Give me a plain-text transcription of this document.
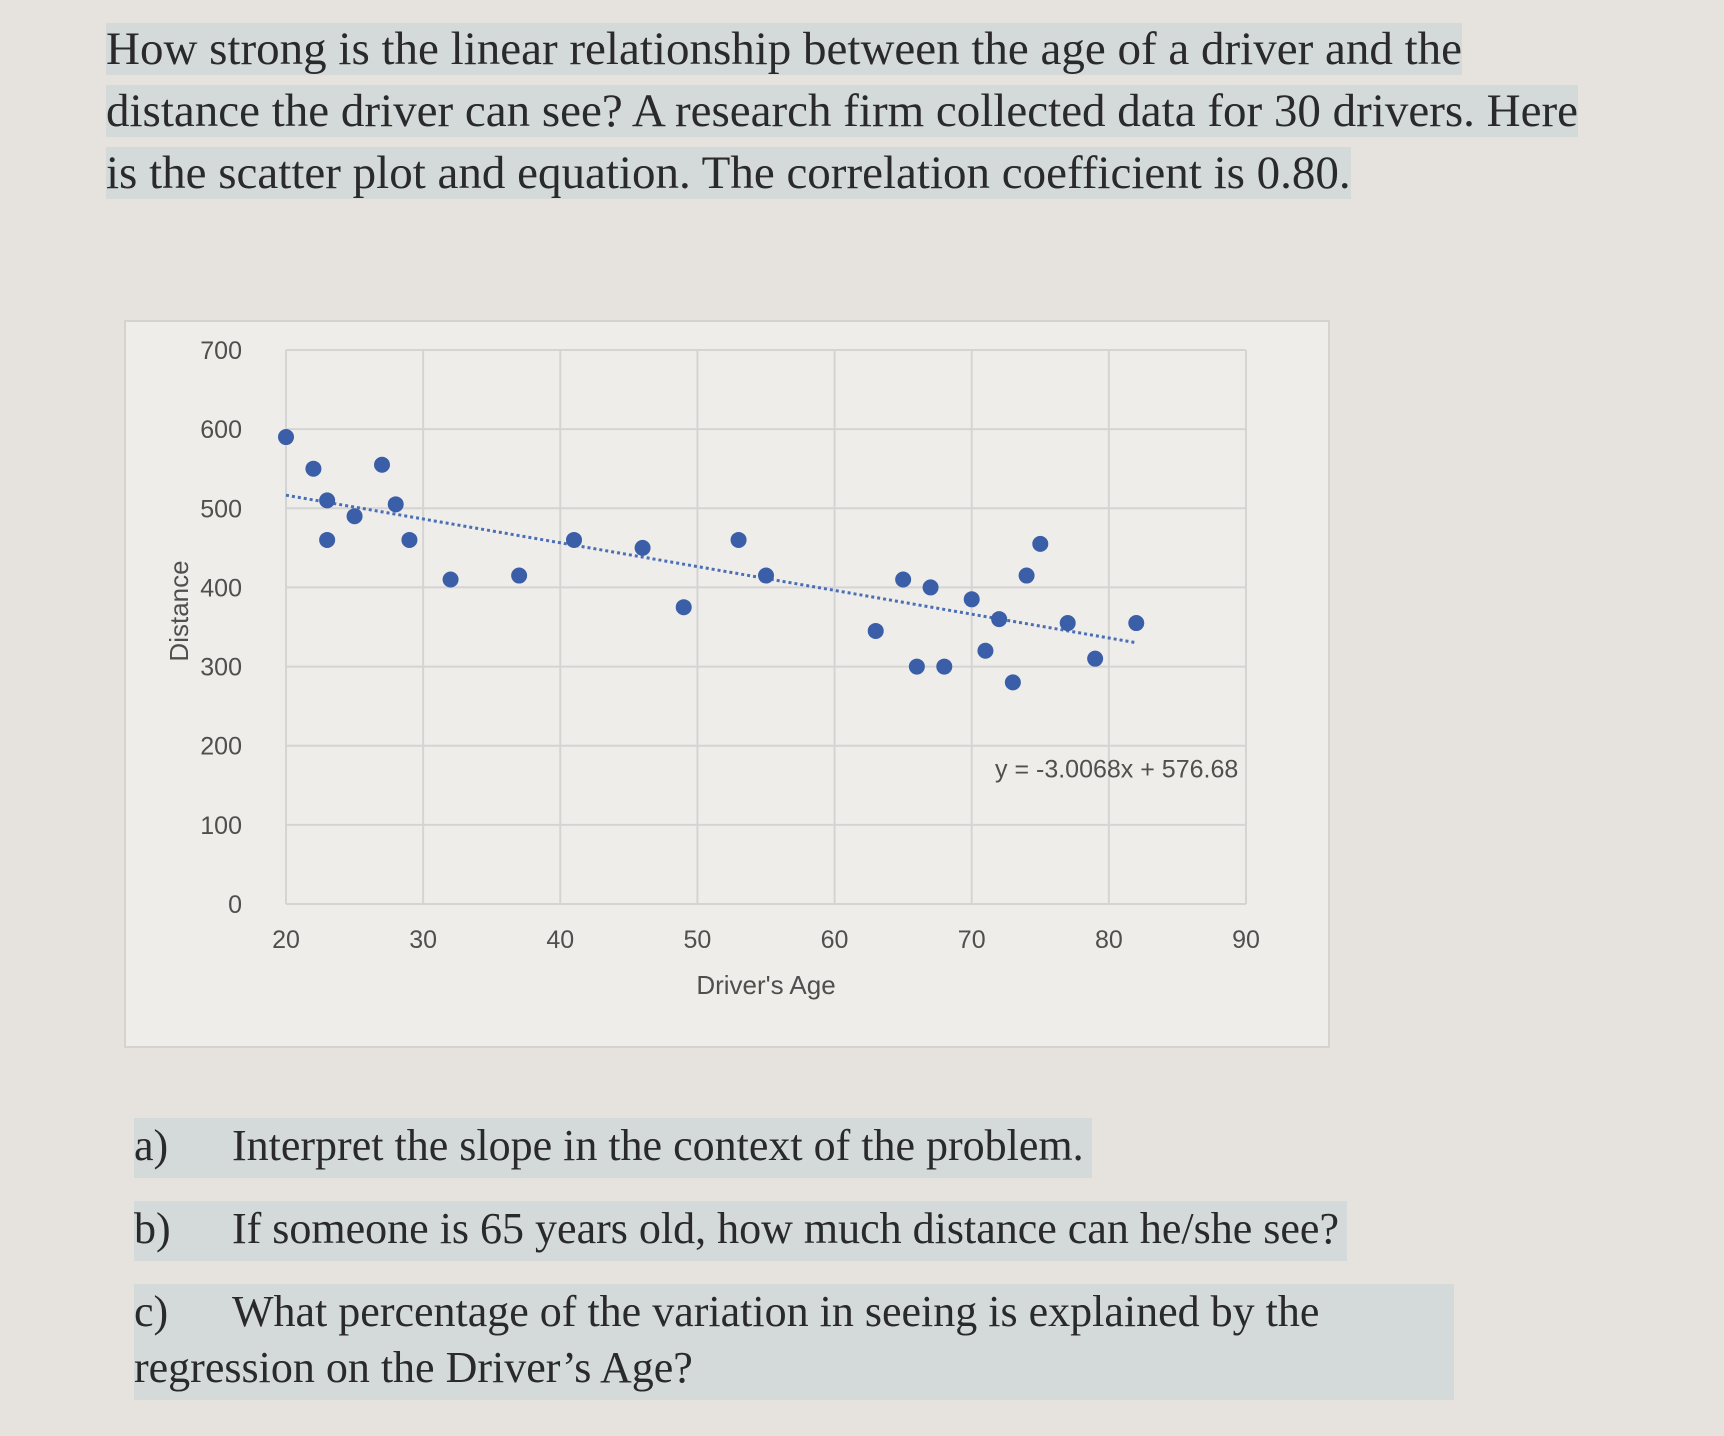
How strong is the linear relationship between the age of a driver and the distance the driver can see? A research firm collected data for 30 drivers. Here is the scatter plot and equation. The correlation coefficient is 0.80.

0
100
200
300
400
500
600
700
20	30	40	50	60	70	80	90
Driver's Age
Distance
y = -3.0068x + 576.68
a) Interpret the slope in the context of the problem.
b) If someone is 65 years old, how much distance can he/she see?
c) What percentage of the variation in seeing is explained by the regression on the Driver’s Age?
